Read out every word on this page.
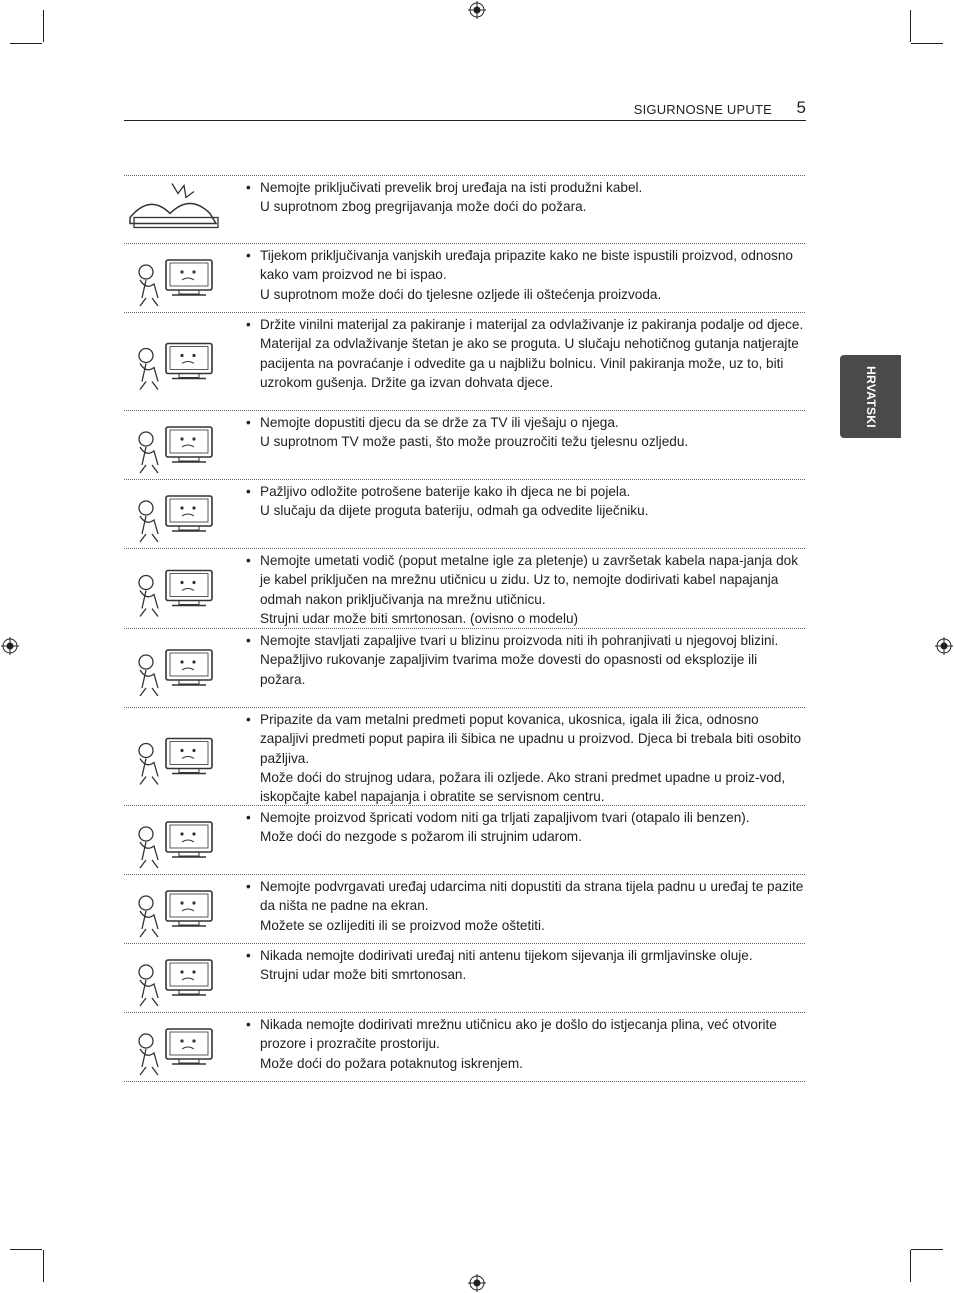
SIGURNOSNE UPUTE 5
HRVATSKI
• Nemojte priključivati prevelik broj uređaja na isti produžni kabel.
U suprotnom zbog pregrijavanja može doći do požara.
• Tijekom priključivanja vanjskih uređaja pripazite kako ne biste ispustili proizvod, odnosno kako vam proizvod ne bi ispao.
U suprotnom može doći do tjelesne ozljede ili oštećenja proizvoda.
• Držite vinilni materijal za pakiranje i materijal za odvlaživanje iz pakiranja podalje od djece.
Materijal za odvlaživanje štetan je ako se proguta. U slučaju nehotičnog gutanja natjerajte pacijenta na povraćanje i odvedite ga u najbližu bolnicu. Vinil pakiranja može, uz to, biti uzrokom gušenja. Držite ga izvan dohvata djece.
• Nemojte dopustiti djecu da se drže za TV ili vješaju o njega.
U suprotnom TV može pasti, što može prouzročiti težu tjelesnu ozljedu.
• Pažljivo odložite potrošene baterije kako ih djeca ne bi pojela.
U slučaju da dijete proguta bateriju, odmah ga odvedite liječniku.
• Nemojte umetati vodič (poput metalne igle za pletenje) u završetak kabela napa-janja dok je kabel priključen na mrežnu utičnicu u zidu. Uz to, nemojte dodirivati kabel napajanja odmah nakon priključivanja na mrežnu utičnicu.
Strujni udar može biti smrtonosan. (ovisno o modelu)
• Nemojte stavljati zapaljive tvari u blizinu proizvoda niti ih pohranjivati u njegovoj blizini.
Nepažljivo rukovanje zapaljivim tvarima može dovesti do opasnosti od eksplozije ili požara.
• Pripazite da vam metalni predmeti poput kovanica, ukosnica, igala ili žica, odnosno zapaljivi predmeti poput papira ili šibica ne upadnu u proizvod. Djeca bi trebala biti osobito pažljiva.
Može doći do strujnog udara, požara ili ozljede. Ako strani predmet upadne u proiz-vod, iskopčajte kabel napajanja i obratite se servisnom centru.
• Nemojte proizvod špricati vodom niti ga trljati zapaljivom tvari (otapalo ili benzen).
Može doći do nezgode s požarom ili strujnim udarom.
• Nemojte podvrgavati uređaj udarcima niti dopustiti da strana tijela padnu u uređaj te pazite da ništa ne padne na ekran.
Možete se ozlijediti ili se proizvod može oštetiti.
• Nikada nemojte dodirivati uređaj niti antenu tijekom sijevanja ili grmljavinske oluje.
Strujni udar može biti smrtonosan.
• Nikada nemojte dodirivati mrežnu utičnicu ako je došlo do istjecanja plina, već otvorite prozore i prozračite prostoriju.
Može doći do požara potaknutog iskrenjem.
